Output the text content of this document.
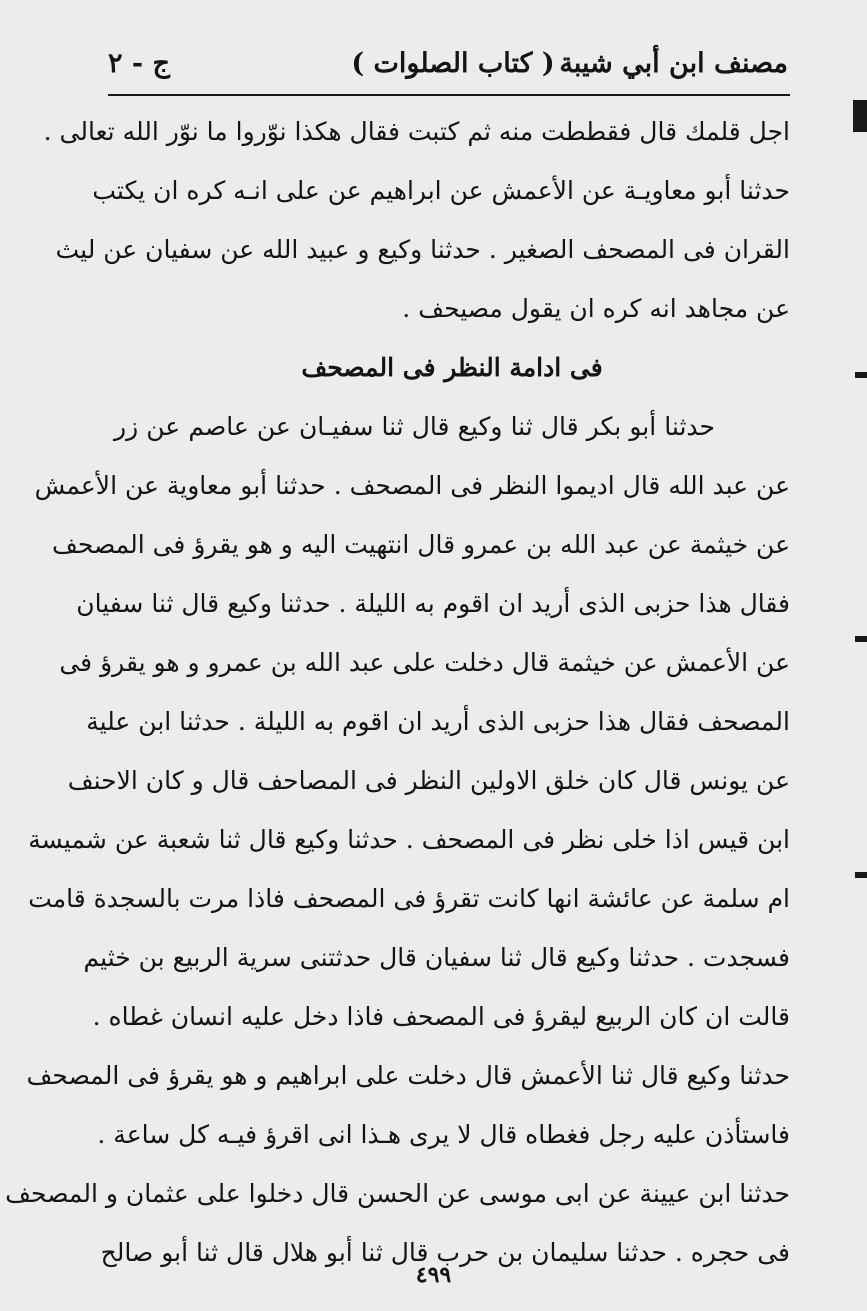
مصنف ابن أبي شيبة
( كتاب الصلوات )
ج - ٢
اجل قلمك قال فقططت منه ثم كتبت فقال هكذا نوّروا ما نوّر الله تعالى .
حدثنا أبو معاويـة عن الأعمش عن ابراهيم عن على انـه كره ان يكتب
القران فى المصحف الصغير . حدثنا وكيع و عبيد الله عن سفيان عن ليث
عن مجاهد انه كره ان يقول مصيحف .
فى ادامة النظر فى المصحف
حدثنا أبو بكر قال ثنا وكيع قال ثنا سفيـان عن عاصم عن زر
عن عبد الله قال اديموا النظر فى المصحف . حدثنا أبو معاوية عن الأعمش
عن خيثمة عن عبد الله بن عمرو قال انتهيت اليه و هو يقرؤ فى المصحف
فقال هذا حزبى الذى أريد ان اقوم به الليلة . حدثنا وكيع قال ثنا سفيان
عن الأعمش عن خيثمة قال دخلت على عبد الله بن عمرو و هو يقرؤ فى
المصحف فقال هذا حزبى الذى أريد ان اقوم به الليلة . حدثنا ابن علية
عن يونس قال كان خلق الاولين النظر فى المصاحف قال و كان الاحنف
ابن قيس اذا خلى نظر فى المصحف . حدثنا وكيع قال ثنا شعبة عن شميسة
ام سلمة عن عائشة انها كانت تقرؤ فى المصحف فاذا مرت بالسجدة قامت
فسجدت . حدثنا وكيع قال ثنا سفيان قال حدثتنى سرية الربيع بن خثيم
قالت ان كان الربيع ليقرؤ فى المصحف فاذا دخل عليه انسان غطاه .
حدثنا وكيع قال ثنا الأعمش قال دخلت على ابراهيم و هو يقرؤ فى المصحف
فاستأذن عليه رجل فغطاه قال لا يرى هـذا انى اقرؤ فيـه كل ساعة .
حدثنا ابن عيينة عن ابى موسى عن الحسن قال دخلوا على عثمان و المصحف
فى حجره . حدثنا سليمان بن حرب قال ثنا أبو هلال قال ثنا أبو صالح
٤٩٩
